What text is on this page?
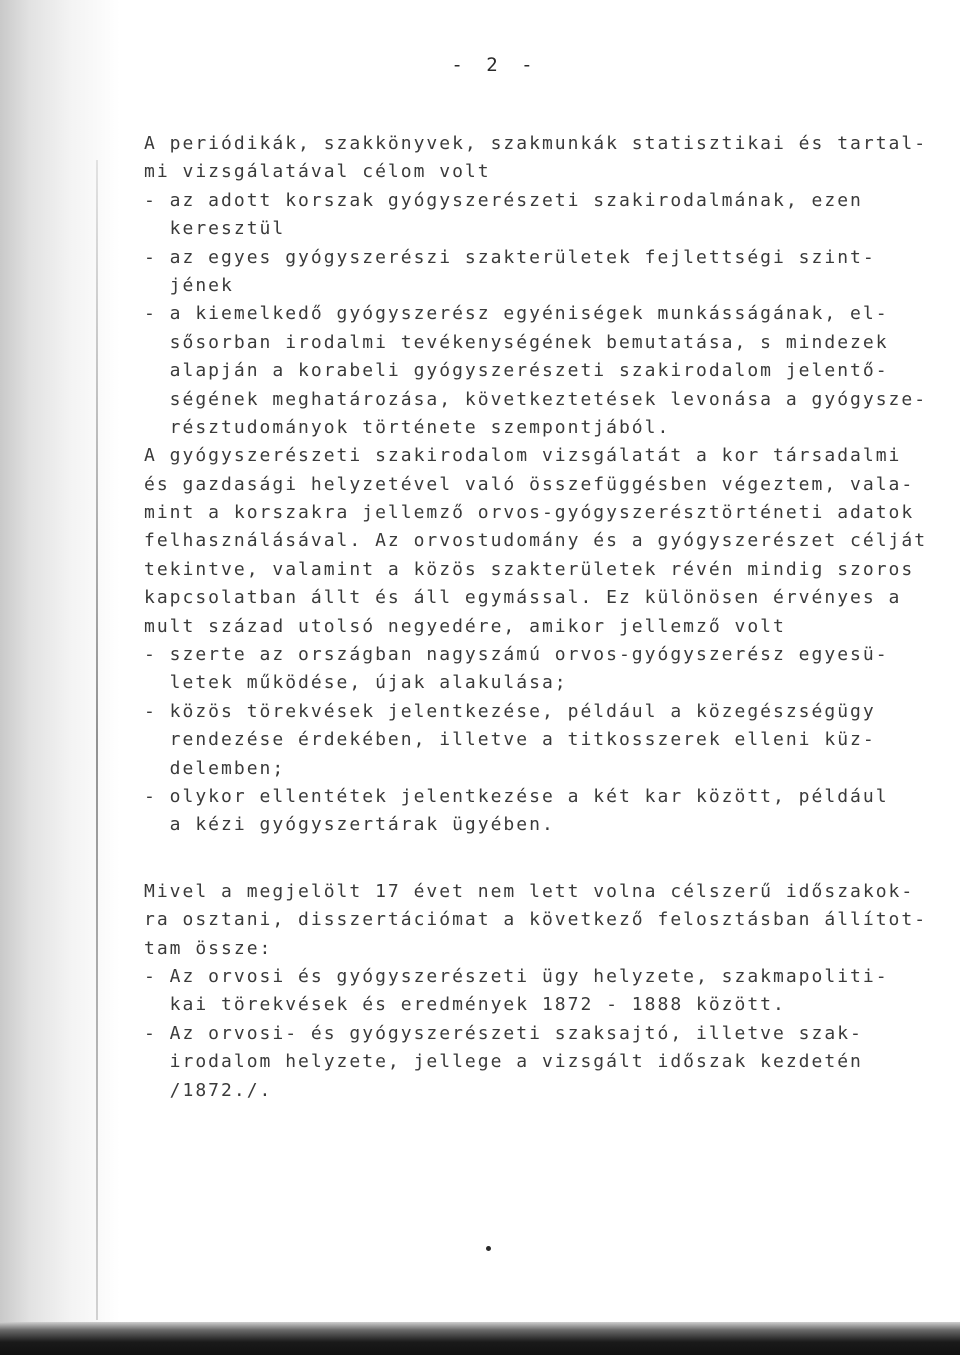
- 2 -
A periódikák, szakkönyvek, szakmunkák statisztikai és tartal-
mi vizsgálatával célom volt
- az adott korszak gyógyszerészeti szakirodalmának, ezen
keresztül
- az egyes gyógyszerészi szakterületek fejlettségi szint-
jének
- a kiemelkedő gyógyszerész egyéniségek munkásságának, el-
sősorban irodalmi tevékenységének bemutatása, s mindezek
alapján a korabeli gyógyszerészeti szakirodalom jelentő-
ségének meghatározása, következtetések levonása a gyógysze-
résztudományok története szempontjából.
A gyógyszerészeti szakirodalom vizsgálatát a kor társadalmi
és gazdasági helyzetével való összefüggésben végeztem, vala-
mint a korszakra jellemző orvos-gyógyszerésztörténeti adatok
felhasználásával. Az orvostudomány és a gyógyszerészet célját
tekintve, valamint a közös szakterületek révén mindig szoros
kapcsolatban állt és áll egymással. Ez különösen érvényes a
mult század utolsó negyedére, amikor jellemző volt
- szerte az országban nagyszámú orvos-gyógyszerész egyesü-
letek működése, újak alakulása;
- közös törekvések jelentkezése, például a közegészségügy
rendezése érdekében, illetve a titkosszerek elleni küz-
delemben;
- olykor ellentétek jelentkezése a két kar között, például
a kézi gyógyszertárak ügyében.
Mivel a megjelölt 17 évet nem lett volna célszerű időszakok-
ra osztani, disszertációmat a következő felosztásban állítot-
tam össze:
- Az orvosi és gyógyszerészeti ügy helyzete, szakmapoliti-
kai törekvések és eredmények 1872 - 1888 között.
- Az orvosi- és gyógyszerészeti szaksajtó, illetve szak-
irodalom helyzete, jellege a vizsgált időszak kezdetén
/1872./.
